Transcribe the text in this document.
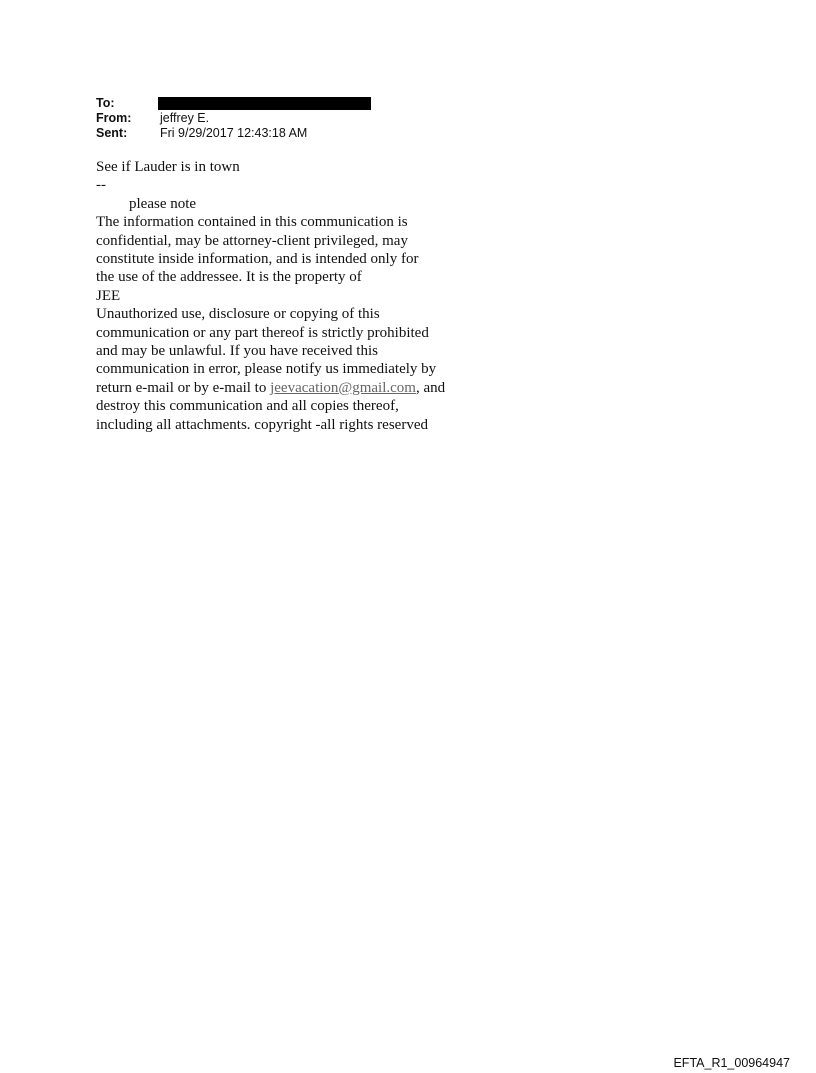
To:
From:	jeffrey E.
Sent:	Fri 9/29/2017 12:43:18 AM
See if Lauder is in town
--
please note
The information contained in this communication is
confidential, may be attorney-client privileged, may
constitute inside information, and is intended only for
the use of the addressee. It is the property of
JEE
Unauthorized use, disclosure or copying of this
communication or any part thereof is strictly prohibited
and may be unlawful. If you have received this
communication in error, please notify us immediately by
return e-mail or by e-mail to jeevacation@gmail.com, and
destroy this communication and all copies thereof,
including all attachments. copyright -all rights reserved
EFTA_R1_00964947
